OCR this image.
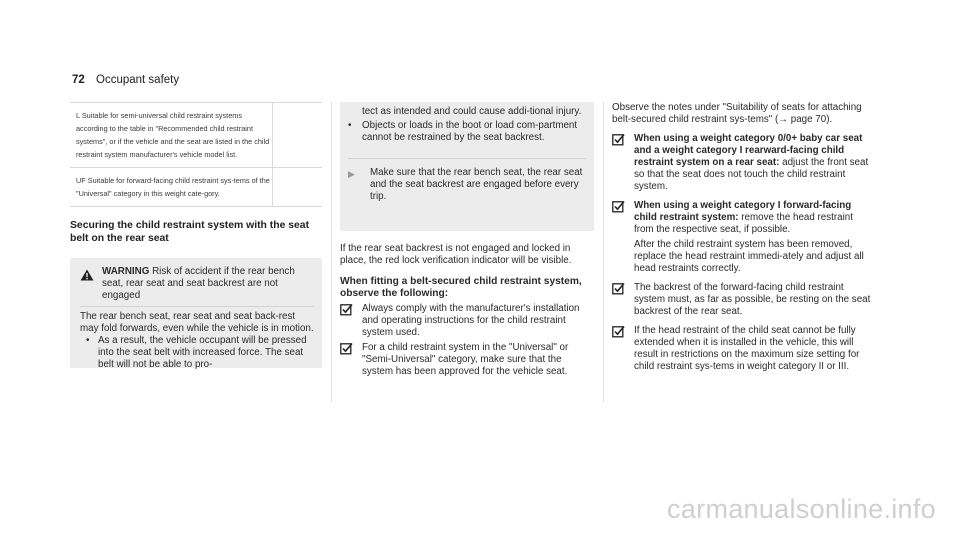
72 Occupant safety
L Suitable for semi-universal child restraint systems according to the table in "Recommended child restraint systems", or if the vehicle and the seat are listed in the child restraint system manufacturer's vehicle model list.
UF Suitable for forward-facing child restraint sys-tems of the "Universal" category in this weight cate-gory.
Securing the child restraint system with the seat belt on the rear seat
WARNING Risk of accident if the rear bench seat, rear seat and seat backrest are not engaged
The rear bench seat, rear seat and seat back-rest may fold forwards, even while the vehicle is in motion.
• As a result, the vehicle occupant will be pressed into the seat belt with increased force. The seat belt will not be able to pro-
tect as intended and could cause addi-tional injury.
•	Objects or loads in the boot or load com-partment cannot be restrained by the seat backrest.
▶	Make sure that the rear bench seat, the rear seat and the seat backrest are engaged before every trip.
If the rear seat backrest is not engaged and locked in place, the red lock verification indicator will be visible.
When fitting a belt-secured child restraint system, observe the following:
Always comply with the manufacturer's installation and operating instructions for the child restraint system used.
For a child restraint system in the "Universal" or "Semi-Universal" category, make sure that the system has been approved for the vehicle seat.
Observe the notes under "Suitability of seats for attaching belt-secured child restraint sys-tems" (→ page 70).
When using a weight category 0/0+ baby car seat and a weight category I rearward-facing child restraint system on a rear seat: adjust the front seat so that the seat does not touch the child restraint system.
When using a weight category I forward-facing child restraint system: remove the head restraint from the respective seat, if possible.
After the child restraint system has been removed, replace the head restraint immedi-ately and adjust all head restraints correctly.
The backrest of the forward-facing child restraint system must, as far as possible, be resting on the seat backrest of the rear seat.
If the head restraint of the child seat cannot be fully extended when it is installed in the vehicle, this will result in restrictions on the maximum size setting for child restraint sys-tems in weight category II or III.
carmanualsonline.info
